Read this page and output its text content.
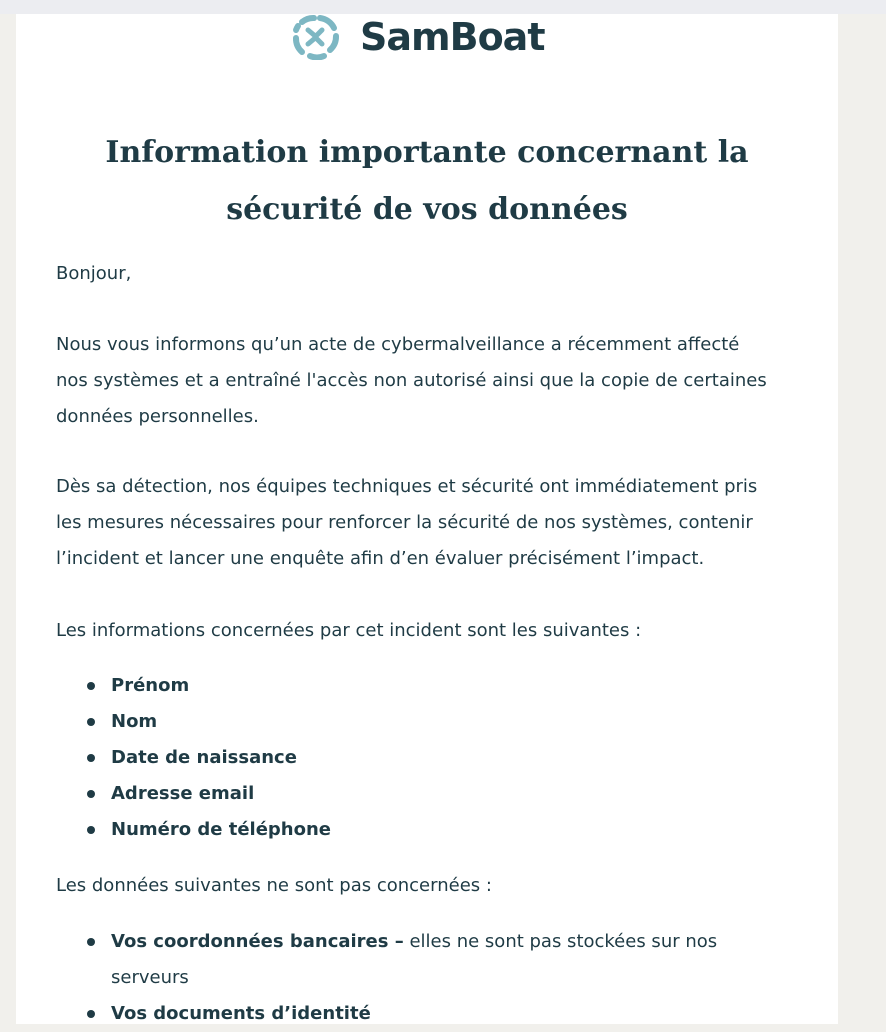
SamBoat
Information importante concernant la
sécurité de vos données

Bonjour,

Nous vous informons qu’un acte de cybermalveillance a récemment affecté
nos systèmes et a entraîné l'accès non autorisé ainsi que la copie de certaines
données personnelles.

Dès sa détection, nos équipes techniques et sécurité ont immédiatement pris
les mesures nécessaires pour renforcer la sécurité de nos systèmes, contenir
l’incident et lancer une enquête afin d’en évaluer précisément l’impact.

Les informations concernées par cet incident sont les suivantes :

Prénom
Nom
Date de naissance
Adresse email
Numéro de téléphone

Les données suivantes ne sont pas concernées :

Vos coordonnées bancaires – elles ne sont pas stockées sur nos
serveurs
Vos documents d’identité
